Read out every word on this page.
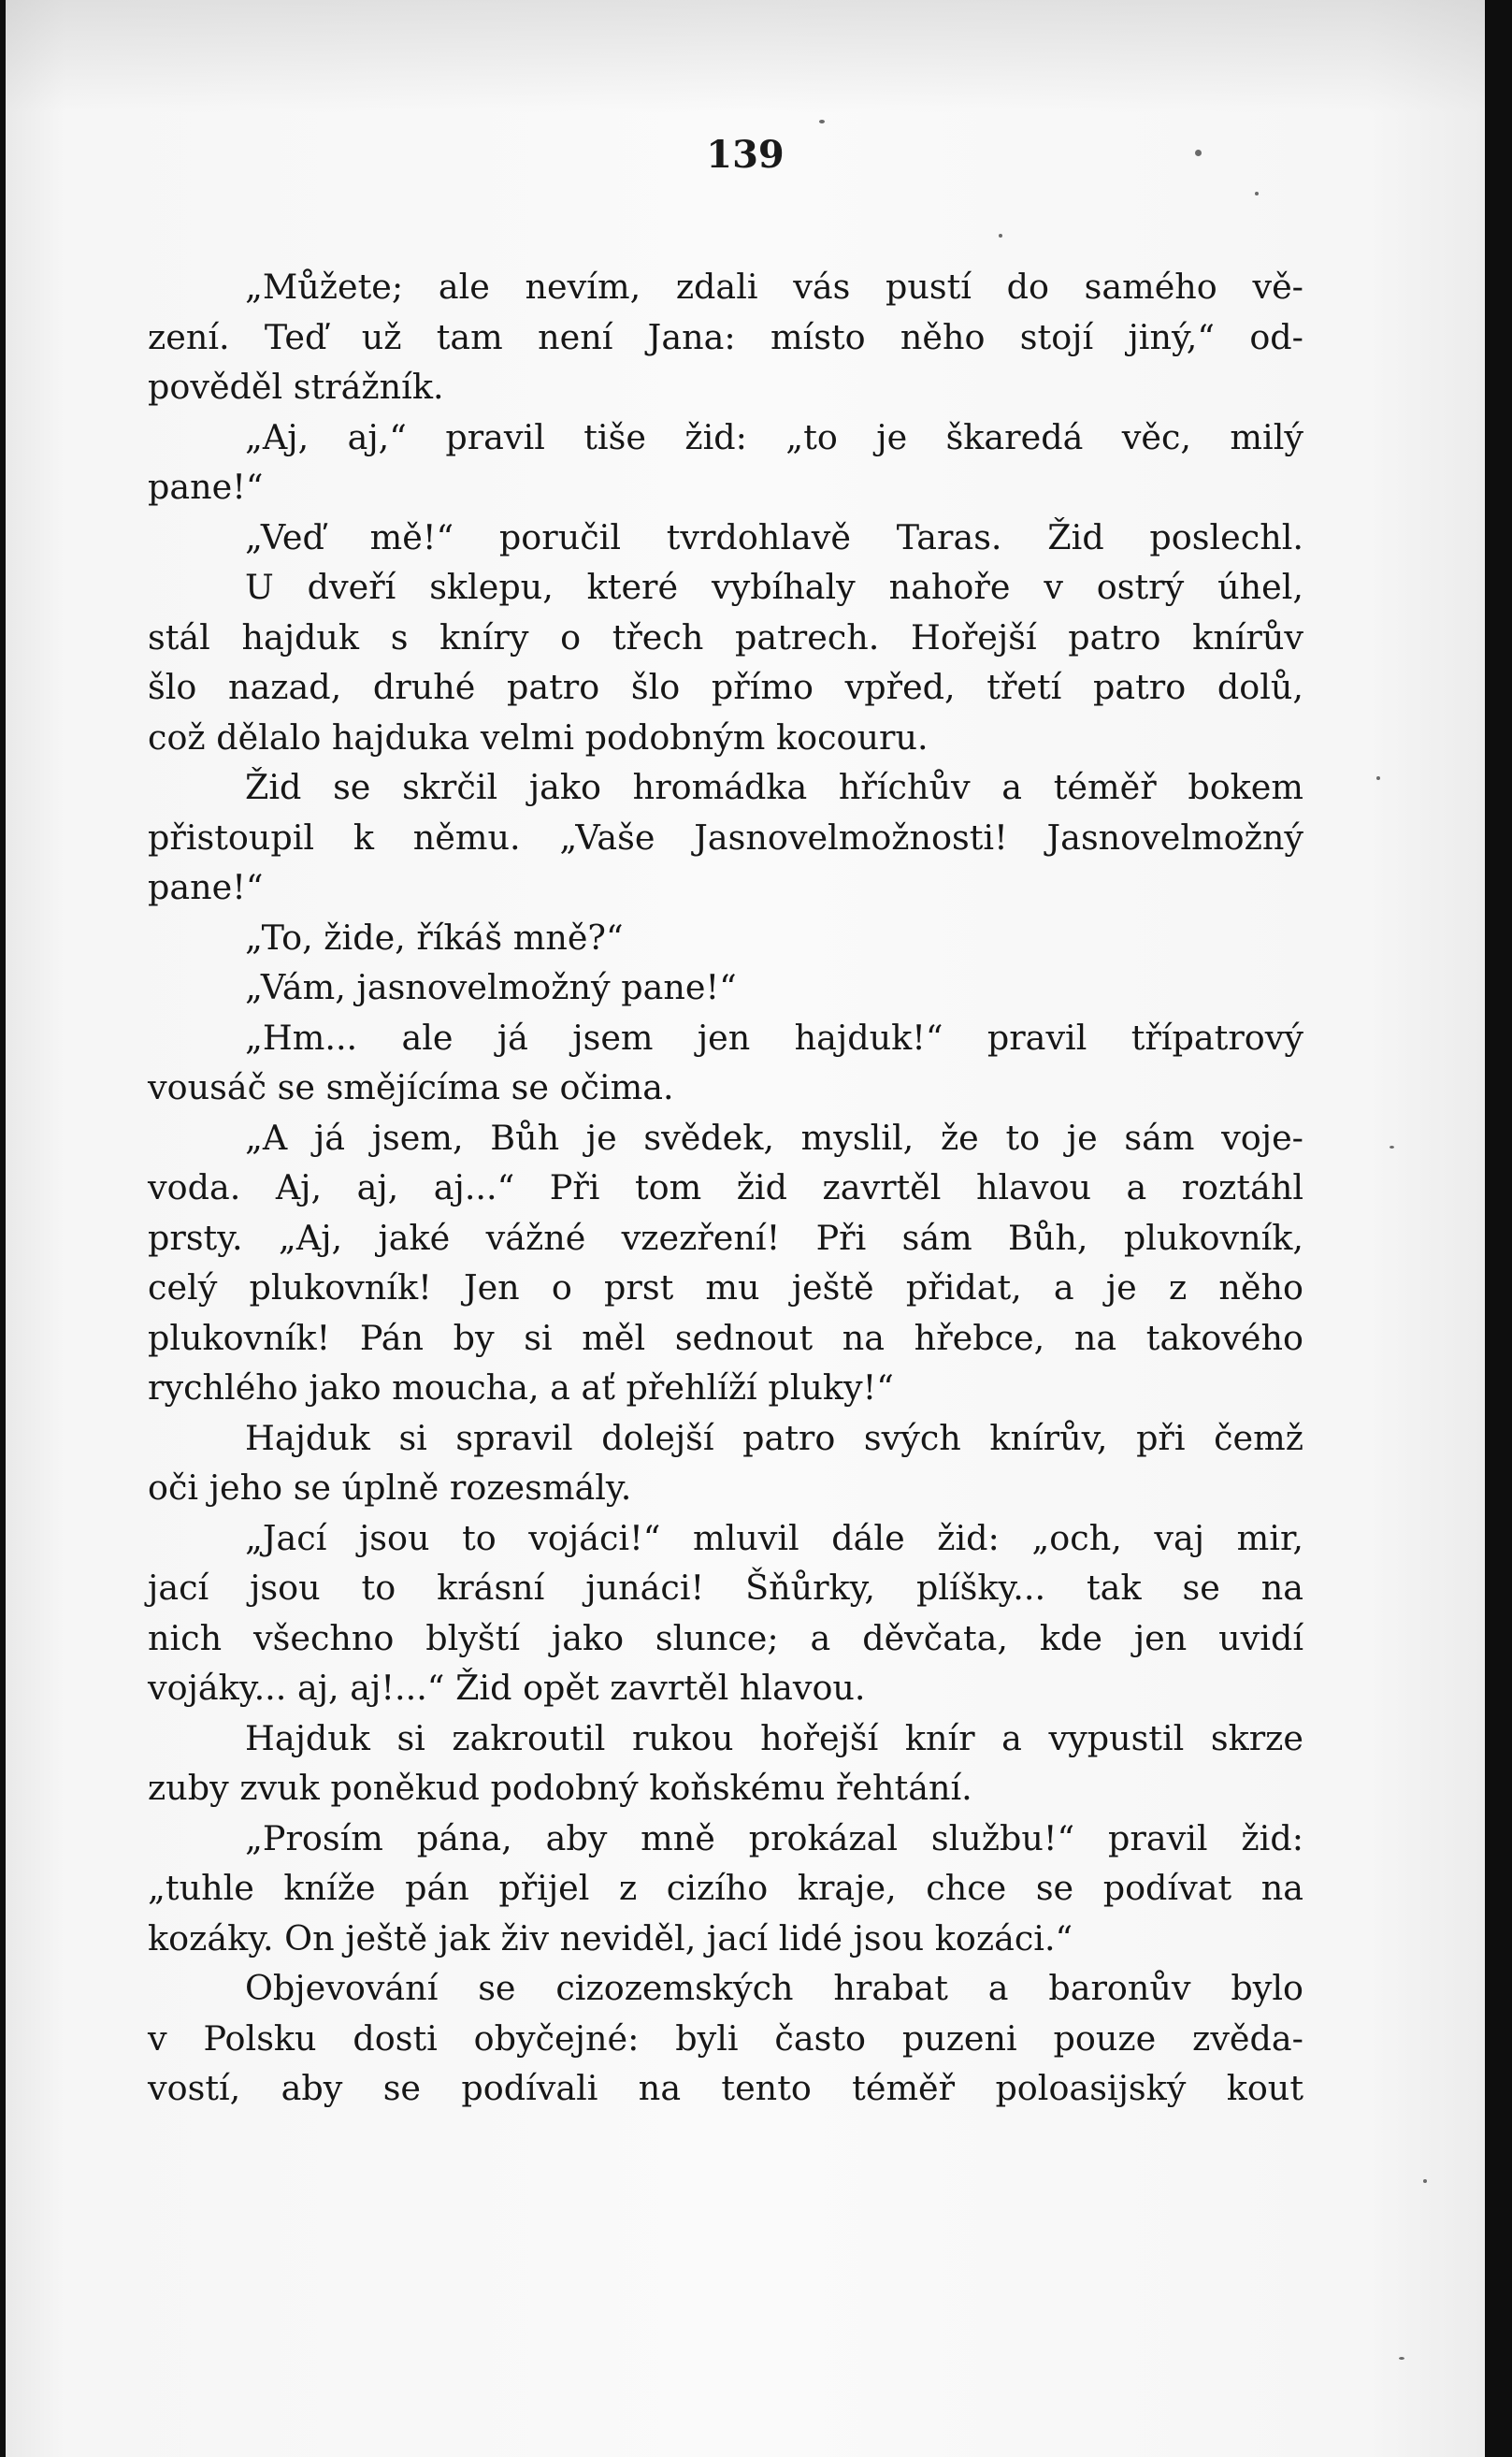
139
„Můžete; ale nevím, zdali vás pustí do samého vě-
zení. Teď už tam není Jana: místo něho stojí jiný,“ od-
pověděl strážník.
„Aj, aj,“ pravil tiše žid: „to je škaredá věc, milý
pane!“
„Veď mě!“ poručil tvrdohlavě Taras. Žid poslechl.
U dveří sklepu, které vybíhaly nahoře v ostrý úhel,
stál hajduk s kníry o třech patrech. Hořejší patro knírův
šlo nazad, druhé patro šlo přímo vpřed, třetí patro dolů,
což dělalo hajduka velmi podobným kocouru.
Žid se skrčil jako hromádka hříchův a téměř bokem
přistoupil k němu. „Vaše Jasnovelmožnosti! Jasnovelmožný
pane!“
„To, žide, říkáš mně?“
„Vám, jasnovelmožný pane!“
„Hm... ale já jsem jen hajduk!“ pravil třípatrový
vousáč se smějícíma se očima.
„A já jsem, Bůh je svědek, myslil, že to je sám voje-
voda. Aj, aj, aj...“ Při tom žid zavrtěl hlavou a roztáhl
prsty. „Aj, jaké vážné vzezření! Při sám Bůh, plukovník,
celý plukovník! Jen o prst mu ještě přidat, a je z něho
plukovník! Pán by si měl sednout na hřebce, na takového
rychlého jako moucha, a ať přehlíží pluky!“
Hajduk si spravil dolejší patro svých knírův, při čemž
oči jeho se úplně rozesmály.
„Jací jsou to vojáci!“ mluvil dále žid: „och, vaj mir,
jací jsou to krásní junáci! Šňůrky, plíšky... tak se na
nich všechno blyští jako slunce; a děvčata, kde jen uvidí
vojáky... aj, aj!...“ Žid opět zavrtěl hlavou.
Hajduk si zakroutil rukou hořejší knír a vypustil skrze
zuby zvuk poněkud podobný koňskému řehtání.
„Prosím pána, aby mně prokázal službu!“ pravil žid:
„tuhle kníže pán přijel z cizího kraje, chce se podívat na
kozáky. On ještě jak živ neviděl, jací lidé jsou kozáci.“
Objevování se cizozemských hrabat a baronův bylo
v Polsku dosti obyčejné: byli často puzeni pouze zvěda-
vostí, aby se podívali na tento téměř poloasijský kout
